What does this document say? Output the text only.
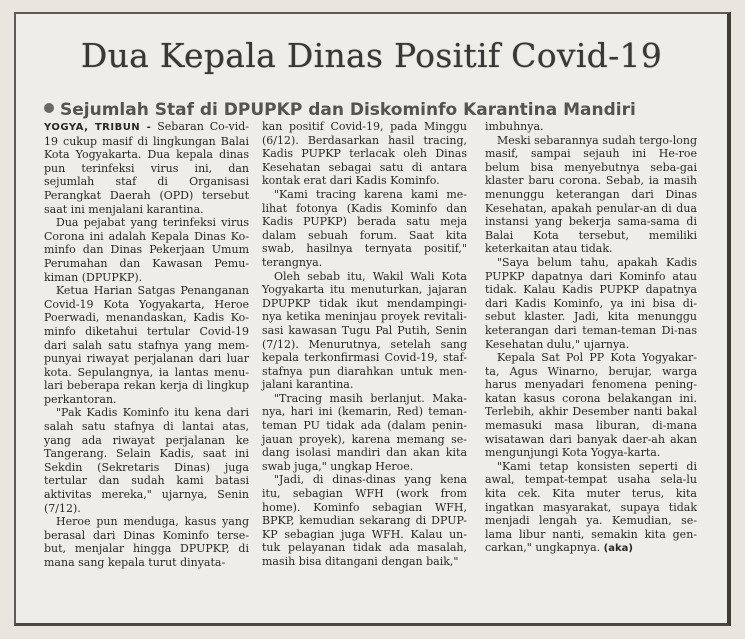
Dua Kepala Dinas Positif Covid-19
Sejumlah Staf di DPUPKP dan Diskominfo Karantina Mandiri

YOGYA, TRIBUN - Sebaran Co-vid-19 cukup masif di lingkungan Balai Kota Yogyakarta. Dua kepala dinas pun terinfeksi virus ini, dan sejumlah staf di Organisasi Perangkat Daerah (OPD) tersebut saat ini menjalani karantina.

Dua pejabat yang terinfeksi virus Corona ini adalah Kepala Dinas Ko-minfo dan Dinas Pekerjaan Umum Perumahan dan Kawasan Pemu-kiman (DPUPKP).

Ketua Harian Satgas Penanganan Covid-19 Kota Yogyakarta, Heroe Poerwadi, menandaskan, Kadis Ko-minfo diketahui tertular Covid-19 dari salah satu stafnya yang mem-punyai riwayat perjalanan dari luar kota. Sepulangnya, ia lantas menu-lari beberapa rekan kerja di lingkup perkantoran.

"Pak Kadis Kominfo itu kena dari salah satu stafnya di lantai atas, yang ada riwayat perjalanan ke Tangerang. Selain Kadis, saat ini Sekdin (Sekretaris Dinas) juga tertular dan sudah kami batasi aktivitas mereka," ujarnya, Senin (7/12).

Heroe pun menduga, kasus yang berasal dari Dinas Kominfo terse-but, menjalar hingga DPUPKP, di mana sang kepala turut dinyata-

kan positif Covid-19, pada Minggu (6/12). Berdasarkan hasil tracing, Kadis PUPKP terlacak oleh Dinas Kesehatan sebagai satu di antara kontak erat dari Kadis Kominfo.

"Kami tracing karena kami me-lihat fotonya (Kadis Kominfo dan Kadis PUPKP) berada satu meja dalam sebuah forum. Saat kita swab, hasilnya ternyata positif," terangnya.

Oleh sebab itu, Wakil Wali Kota Yogyakarta itu menuturkan, jajaran DPUPKP tidak ikut mendampingi-nya ketika meninjau proyek revitali-sasi kawasan Tugu Pal Putih, Senin (7/12). Menurutnya, setelah sang kepala terkonfirmasi Covid-19, staf-stafnya pun diarahkan untuk men-jalani karantina.

"Tracing masih berlanjut. Maka-nya, hari ini (kemarin, Red) teman-teman PU tidak ada (dalam penin-jauan proyek), karena memang se-dang isolasi mandiri dan akan kita swab juga," ungkap Heroe.

"Jadi, di dinas-dinas yang kena itu, sebagian WFH (work from home). Kominfo sebagian WFH, BPKP, kemudian sekarang di DPUP-KP sebagian juga WFH. Kalau un-tuk pelayanan tidak ada masalah, masih bisa ditangani dengan baik,"

imbuhnya.

Meski sebarannya sudah tergo-long masif, sampai sejauh ini He-roe belum bisa menyebutnya seba-gai klaster baru corona. Sebab, ia masih menunggu keterangan dari Dinas Kesehatan, apakah penular-an di dua instansi yang bekerja sama-sama di Balai Kota tersebut, memiliki keterkaitan atau tidak.

"Saya belum tahu, apakah Kadis PUPKP dapatnya dari Kominfo atau tidak. Kalau Kadis PUPKP dapatnya dari Kadis Kominfo, ya ini bisa di-sebut klaster. Jadi, kita menunggu keterangan dari teman-teman Di-nas Kesehatan dulu," ujarnya.

Kepala Sat Pol PP Kota Yogyakar-ta, Agus Winarno, berujar, warga harus menyadari fenomena pening-katan kasus corona belakangan ini. Terlebih, akhir Desember nanti bakal memasuki masa liburan, di-mana wisatawan dari banyak daer-ah akan mengunjungi Kota Yogya-karta.

"Kami tetap konsisten seperti di awal, tempat-tempat usaha sela-lu kita cek. Kita muter terus, kita ingatkan masyarakat, supaya tidak menjadi lengah ya. Kemudian, se-lama libur nanti, semakin kita gen-carkan," ungkapnya. (aka)
